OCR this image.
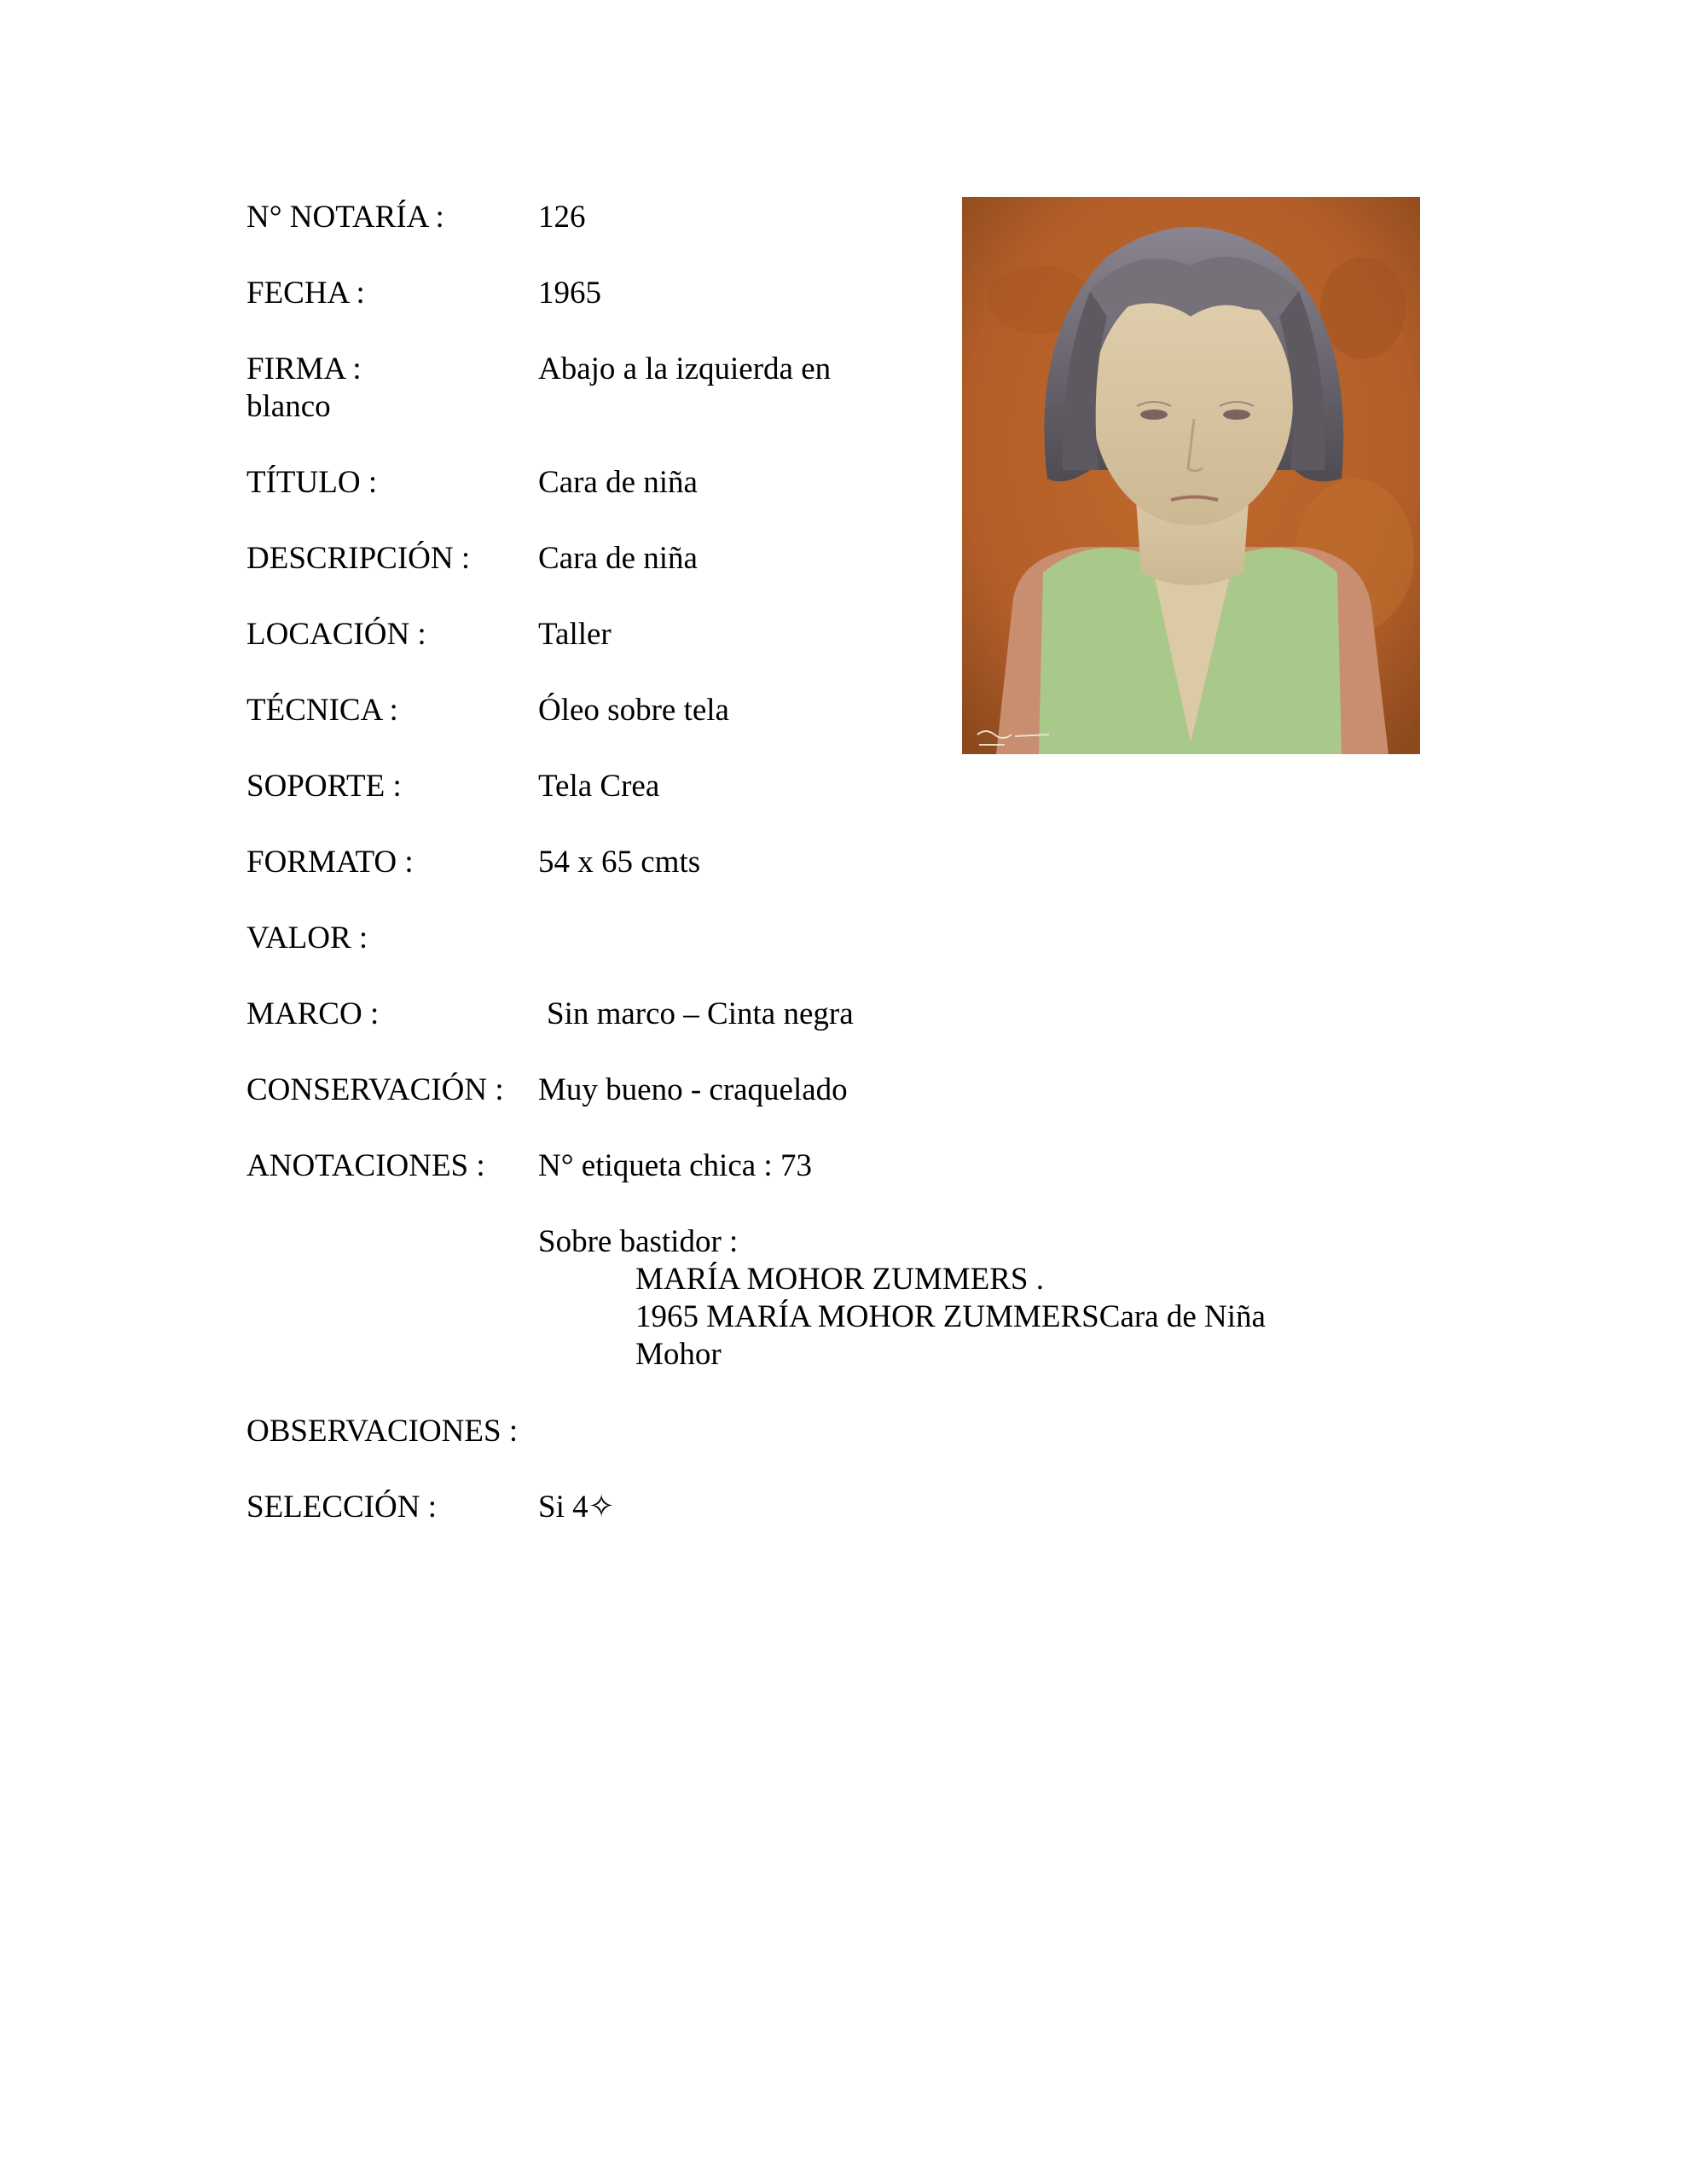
N° NOTARÍA :	126
FECHA :	1965
FIRMA :	Abajo a la izquierda en
blanco
TÍTULO :	Cara de niña
DESCRIPCIÓN : Cara de niña
LOCACIÓN :	Taller
TÉCNICA :	Óleo sobre tela
SOPORTE :	Tela Crea
FORMATO :	54 x 65 cmts
VALOR :
MARCO :	Sin marco – Cinta negra
CONSERVACIÓN : Muy bueno - craquelado
ANOTACIONES : N° etiqueta chica : 73
Sobre bastidor :
MARÍA MOHOR ZUMMERS .
1965 MARÍA MOHOR ZUMMERSCara de Niña
Mohor
OBSERVACIONES :
SELECCIÓN :	Si 4✧
